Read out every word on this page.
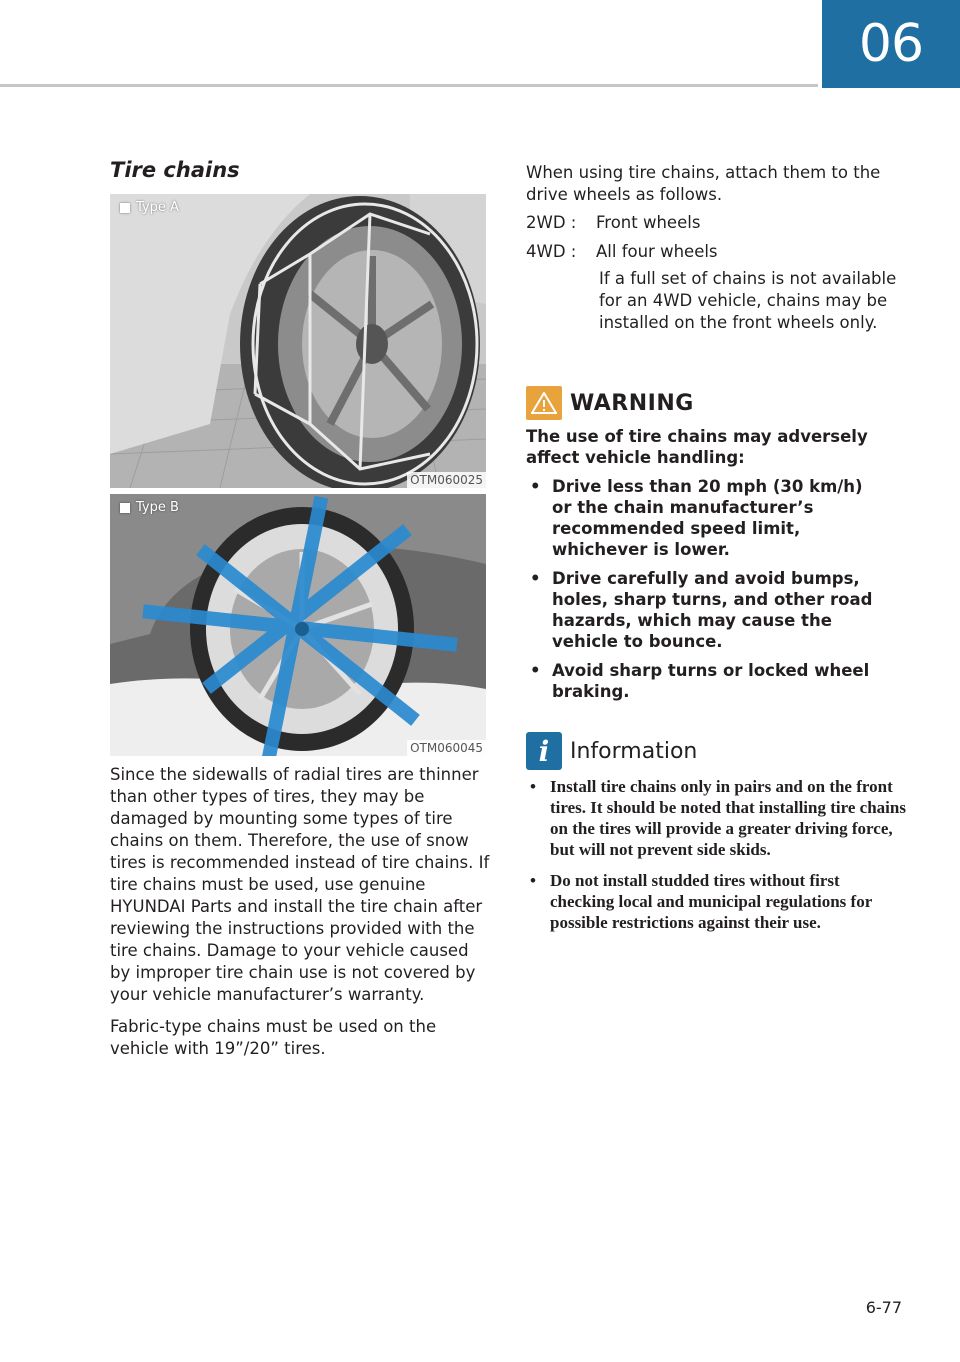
06
Tire chains
Type A
OTM060025
Type B
OTM060045

Since the sidewalls of radial tires are thinner than other types of tires, they may be damaged by mounting some types of tire chains on them. Therefore, the use of snow tires is recommended instead of tire chains. If tire chains must be used, use genuine HYUNDAI Parts and install the tire chain after reviewing the instructions provided with the tire chains. Damage to your vehicle caused by improper tire chain use is not covered by your vehicle manufacturer’s warranty.

Fabric-type chains must be used on the vehicle with 19”/20” tires.

When using tire chains, attach them to the drive wheels as follows.
2WD : Front wheels
4WD : All four wheels
If a full set of chains is not available for an 4WD vehicle, chains may be installed on the front wheels only.
WARNING

The use of tire chains may adversely affect vehicle handling:

• Drive less than 20 mph (30 km/h) or the chain manufacturer’s recommended speed limit, whichever is lower.
• Drive carefully and avoid bumps, holes, sharp turns, and other road hazards, which may cause the vehicle to bounce.
• Avoid sharp turns or locked wheel braking.
i Information
• Install tire chains only in pairs and on the front tires. It should be noted that installing tire chains on the tires will provide a greater driving force, but will not prevent side skids.
• Do not install studded tires without first checking local and municipal regulations for possible restrictions against their use.
6-77
